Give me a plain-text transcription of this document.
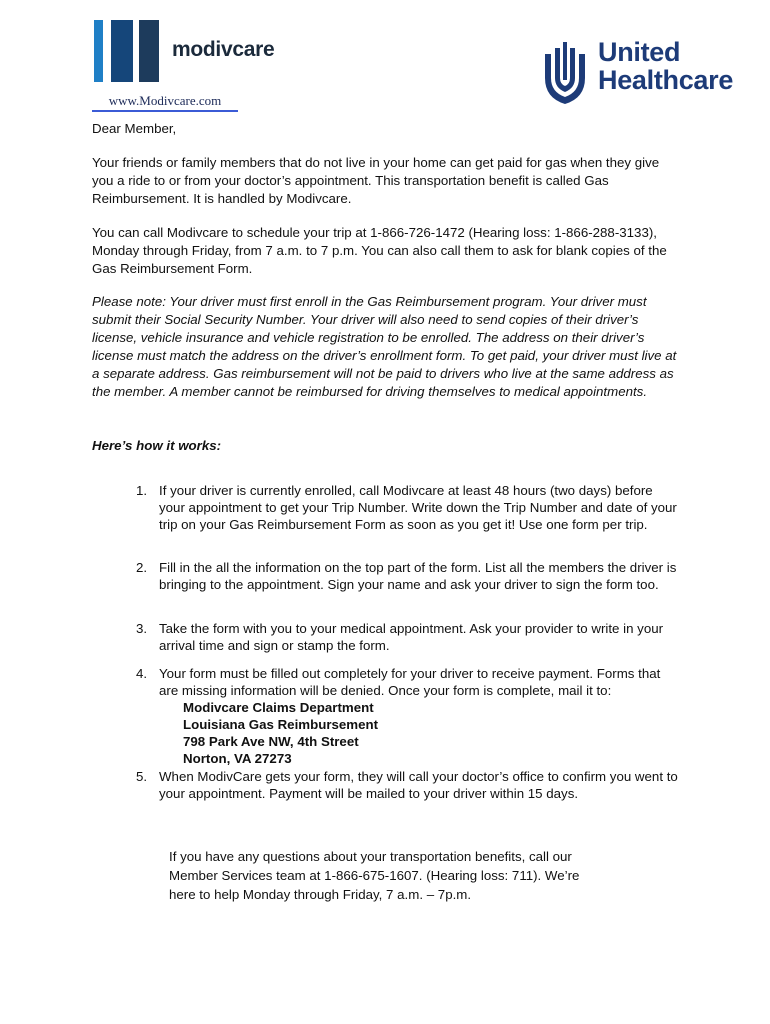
modivcare
www.Modivcare.com
United
Healthcare
Dear Member,
Your friends or family members that do not live in your home can get paid for gas when they give you a ride to or from your doctor’s appointment. This transportation benefit is called Gas Reimbursement. It is handled by Modivcare.
You can call Modivcare to schedule your trip at 1-866-726-1472 (Hearing loss: 1-866-288-3133), Monday through Friday, from 7 a.m. to 7 p.m. You can also call them to ask for blank copies of the Gas Reimbursement Form.
Please note: Your driver must first enroll in the Gas Reimbursement program. Your driver must submit their Social Security Number. Your driver will also need to send copies of their driver’s license, vehicle insurance and vehicle registration to be enrolled. The address on their driver’s license must match the address on the driver’s enrollment form. To get paid, your driver must live at a separate address. Gas reimbursement will not be paid to drivers who live at the same address as the member. A member cannot be reimbursed for driving themselves to medical appointments.
Here’s how it works:
1. If your driver is currently enrolled, call Modivcare at least 48 hours (two days) before your appointment to get your Trip Number. Write down the Trip Number and date of your trip on your Gas Reimbursement Form as soon as you get it! Use one form per trip.
2. Fill in the all the information on the top part of the form. List all the members the driver is bringing to the appointment. Sign your name and ask your driver to sign the form too.
3. Take the form with you to your medical appointment. Ask your provider to write in your arrival time and sign or stamp the form.
4. Your form must be filled out completely for your driver to receive payment. Forms that are missing information will be denied. Once your form is complete, mail it to:
Modivcare Claims Department
Louisiana Gas Reimbursement
798 Park Ave NW, 4th Street
Norton, VA 27273
5. When ModivCare gets your form, they will call your doctor’s office to confirm you went to your appointment. Payment will be mailed to your driver within 15 days.
If you have any questions about your transportation benefits, call our Member Services team at 1-866-675-1607. (Hearing loss: 711). We’re here to help Monday through Friday, 7 a.m. – 7p.m.
